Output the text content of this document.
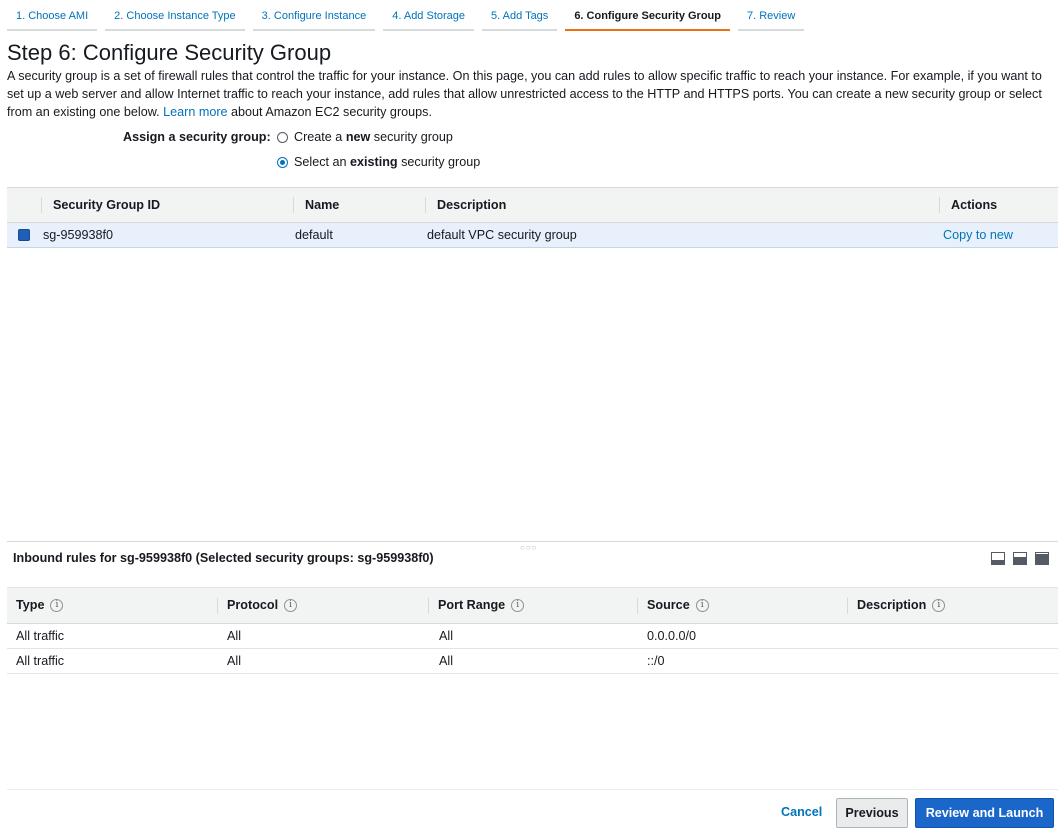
1. Choose AMI	2. Choose Instance Type	3. Configure Instance	4. Add Storage	5. Add Tags	6. Configure Security Group	7. Review
Step 6: Configure Security Group
A security group is a set of firewall rules that control the traffic for your instance. On this page, you can add rules to allow specific traffic to reach your instance. For example, if you want to set up a web server and allow Internet traffic to reach your instance, add rules that allow unrestricted access to the HTTP and HTTPS ports. You can create a new security group or select from an existing one below. Learn more about Amazon EC2 security groups.
Assign a security group: Create a new security group
Select an existing security group
Security Group ID	Name	Description	Actions
sg-959938f0	default	default VPC security group	Copy to new
○○○
Inbound rules for sg-959938f0 (Selected security groups: sg-959938f0)
Type	i	Protocol	i	Port Range	i	Source	i	Description	i
All traffic	All	All	0.0.0.0/0
All traffic	All	All	::/0
Cancel	Previous	Review and Launch
